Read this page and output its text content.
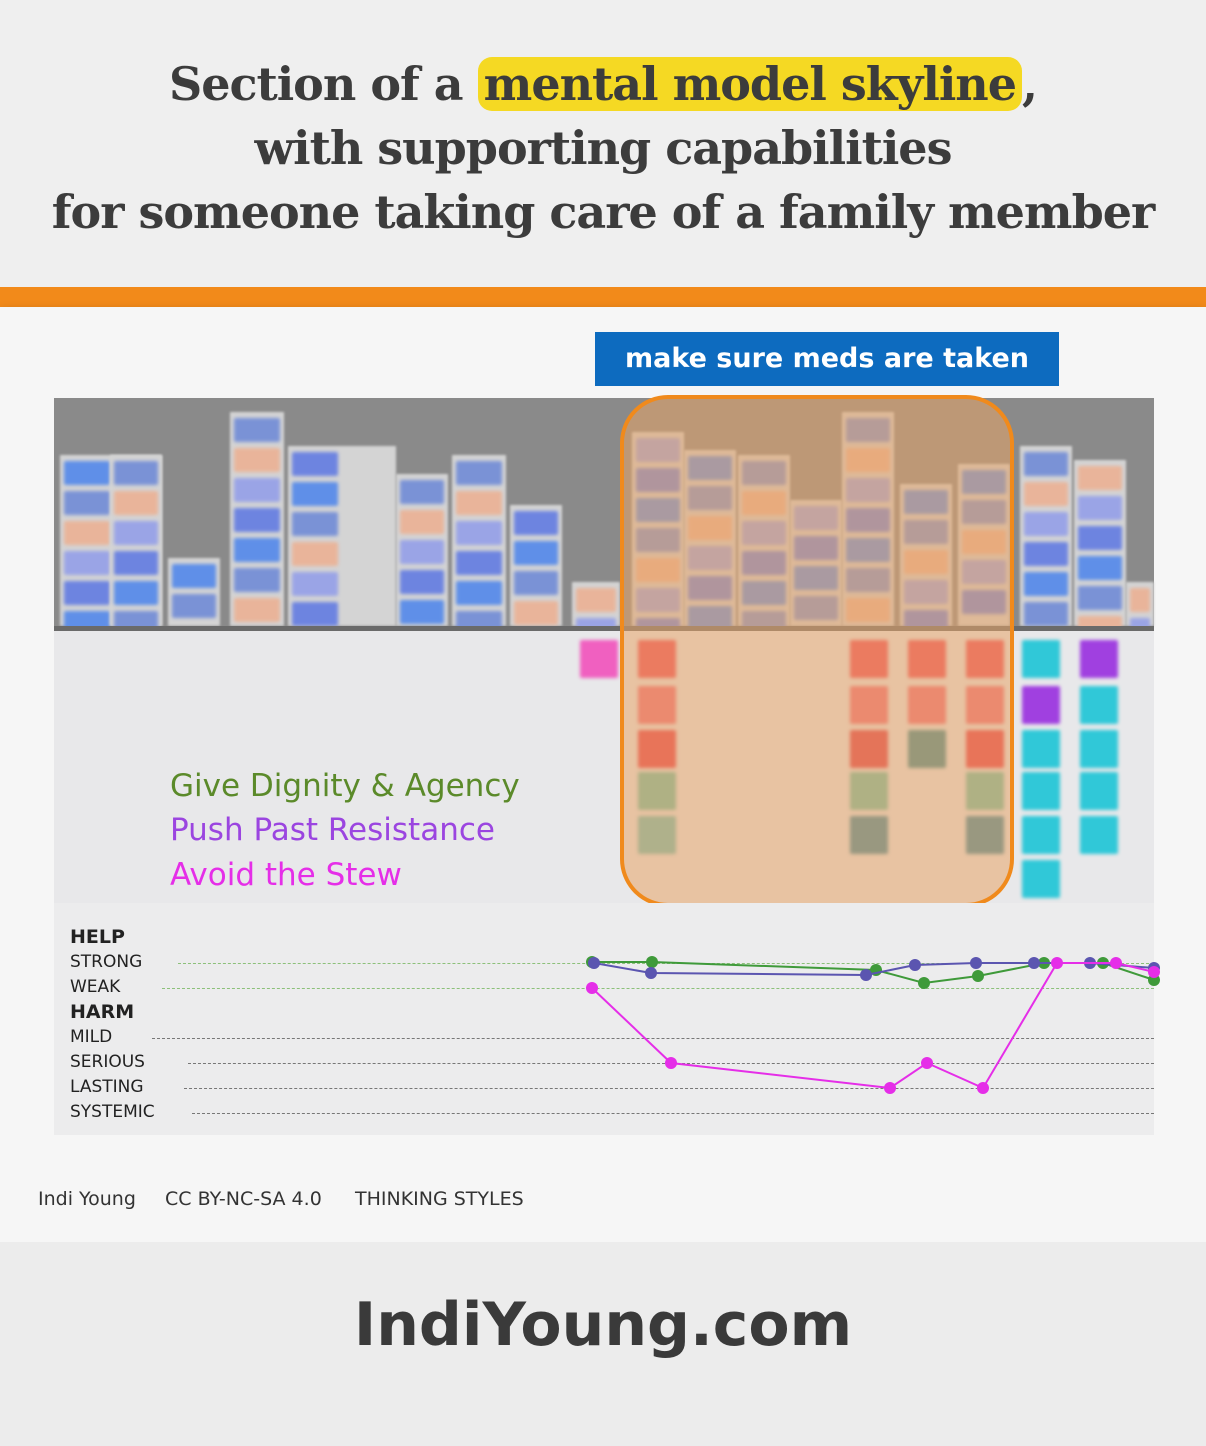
Section of a mental model skyline ,
with supporting capabilities
for someone taking care of a family member
make sure meds are taken
Give Dignity & Agency
Push Past Resistance
Avoid the Stew
HELP
STRONG
WEAK
HARM
MILD
SERIOUS
LASTING
SYSTEMIC
Indi Young CC BY-NC-SA 4.0 THINKING STYLES
IndiYoung.com
